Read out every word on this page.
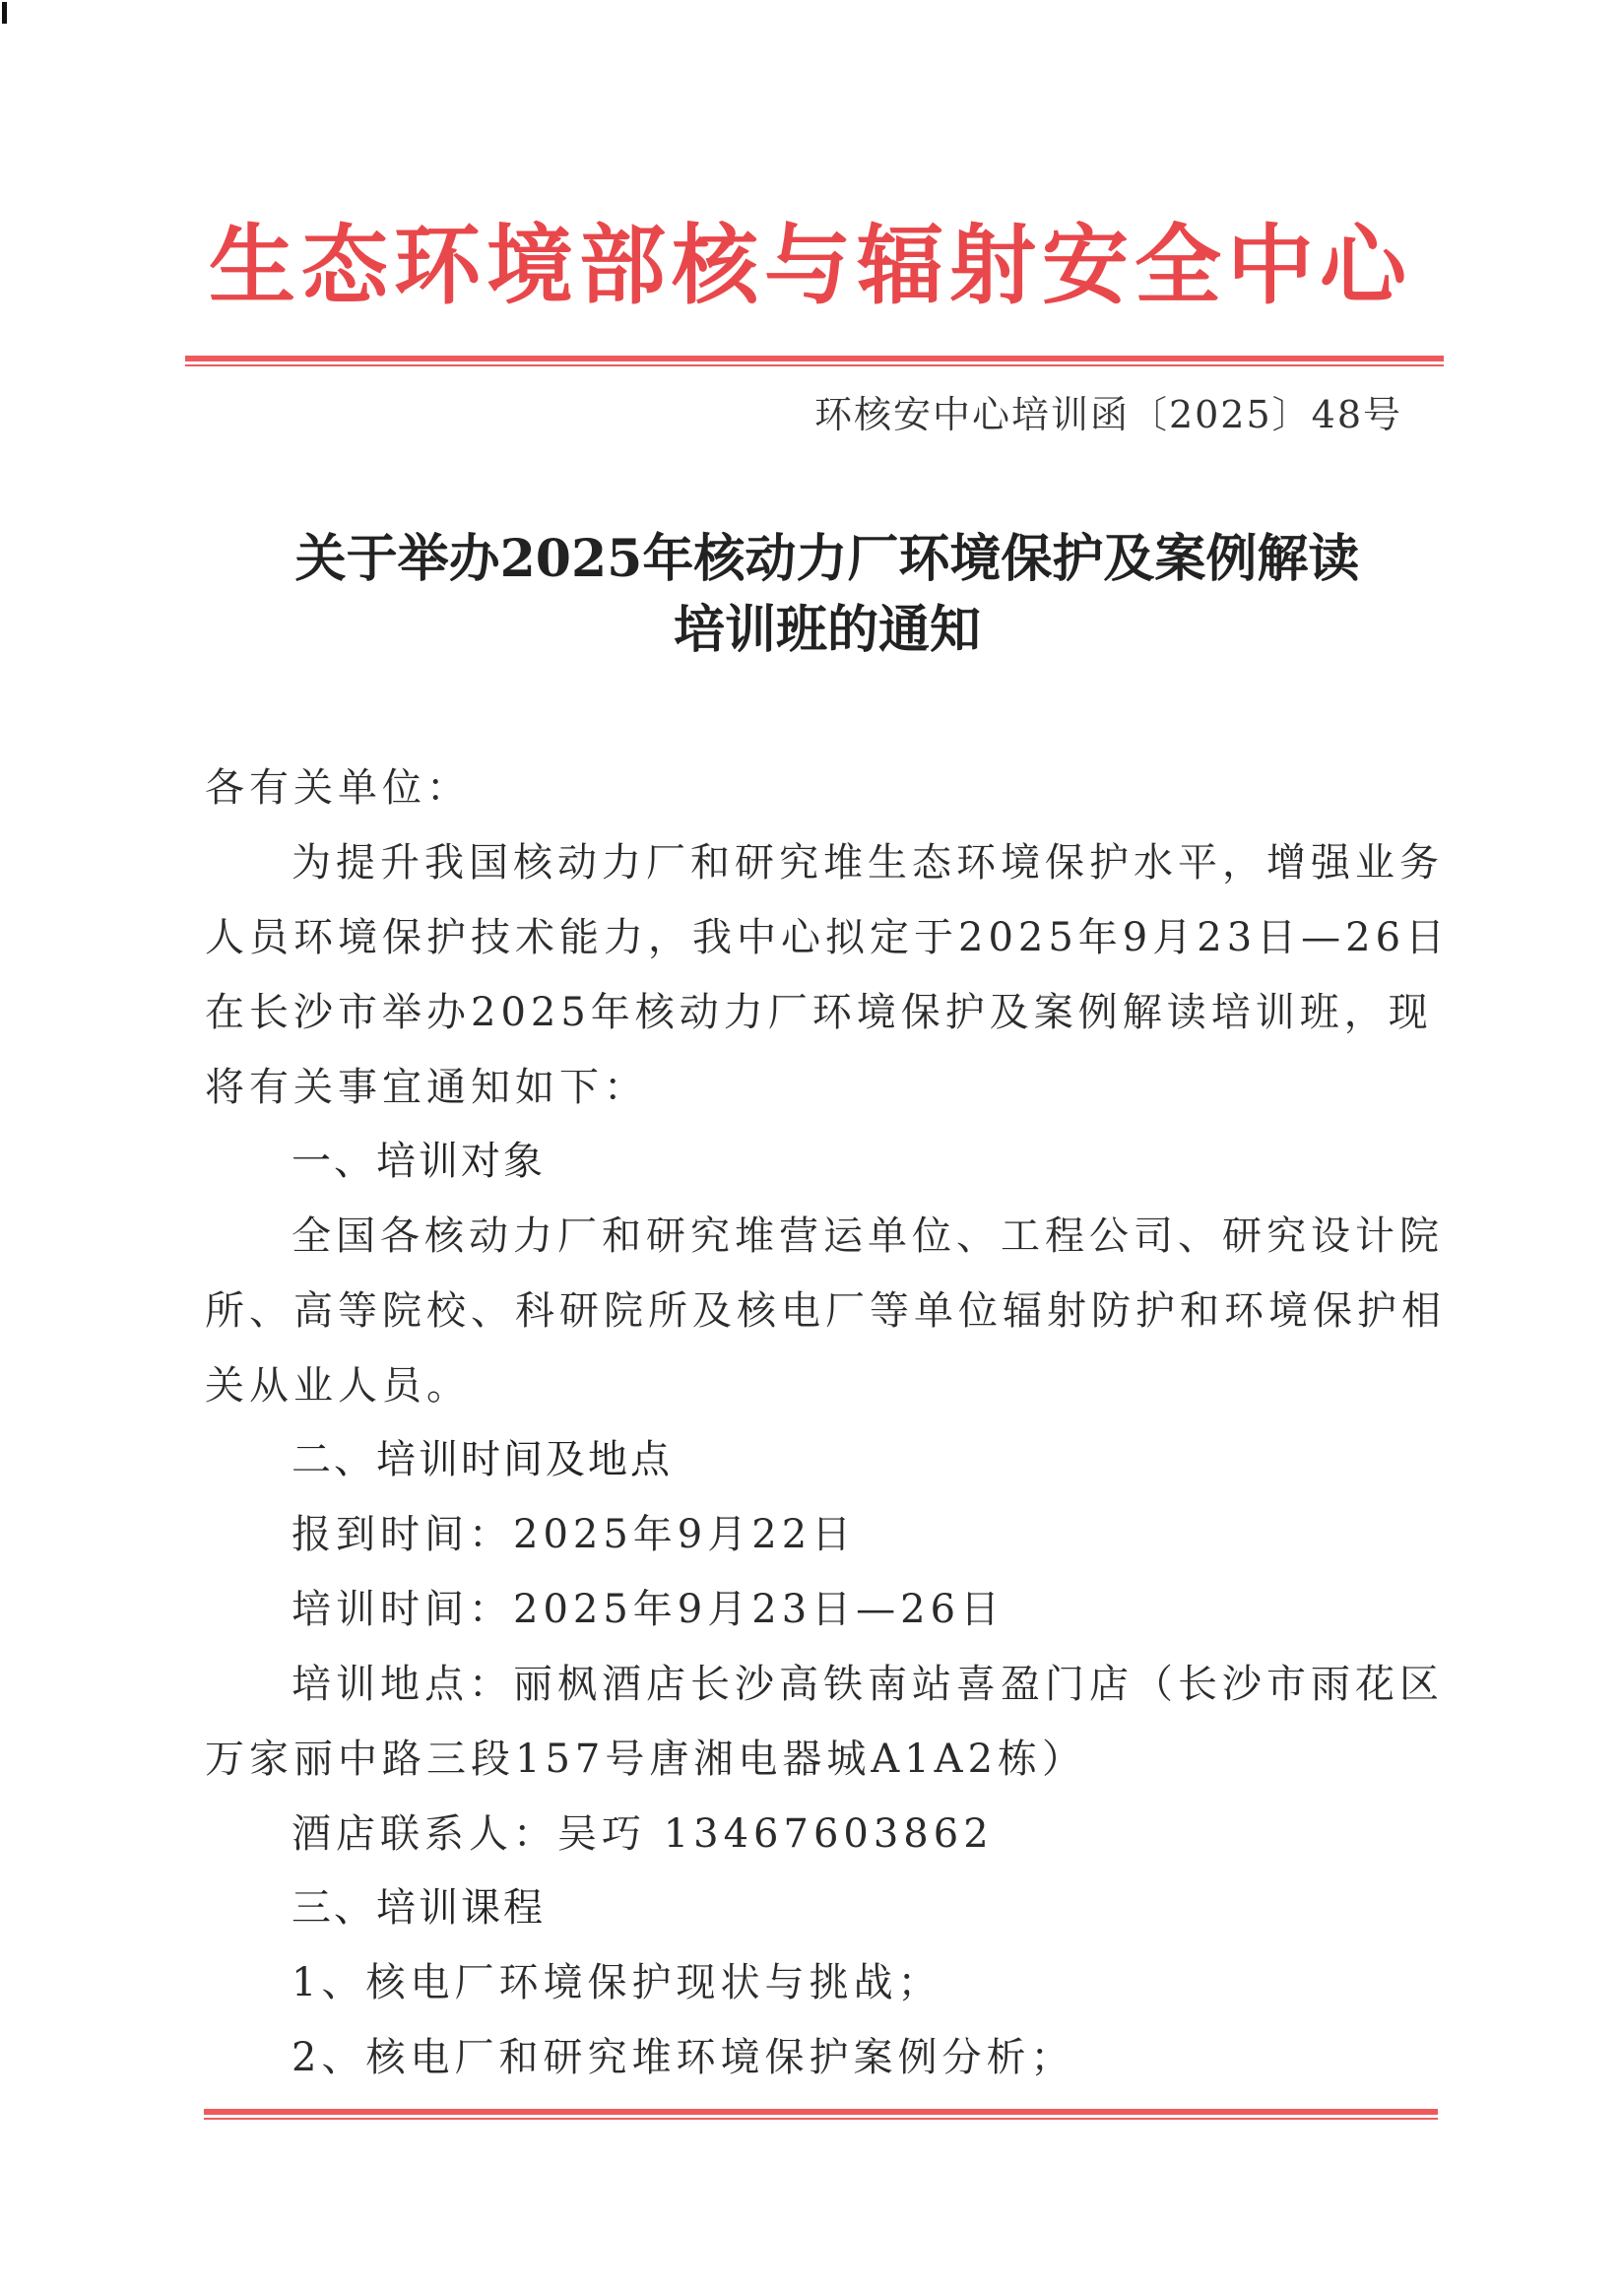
生态环境部核与辐射安全中心
环核安中心培训函〔2025〕48号
关于举办2025年核动力厂环境保护及案例解读
培训班的通知
各有关单位：
为提升我国核动力厂和研究堆生态环境保护水平，增强业务
人员环境保护技术能力，我中心拟定于2025年9月23日—26日
在长沙市举办2025年核动力厂环境保护及案例解读培训班，现
将有关事宜通知如下：
一、培训对象
全国各核动力厂和研究堆营运单位、工程公司、研究设计院
所、高等院校、科研院所及核电厂等单位辐射防护和环境保护相
关从业人员。
二、培训时间及地点
报到时间：2025年9月22日
培训时间：2025年9月23日—26日
培训地点：丽枫酒店长沙高铁南站喜盈门店（长沙市雨花区
万家丽中路三段157号唐湘电器城A1A2栋）
酒店联系人：吴巧 13467603862
三、培训课程
1、核电厂环境保护现状与挑战；
2、核电厂和研究堆环境保护案例分析；
